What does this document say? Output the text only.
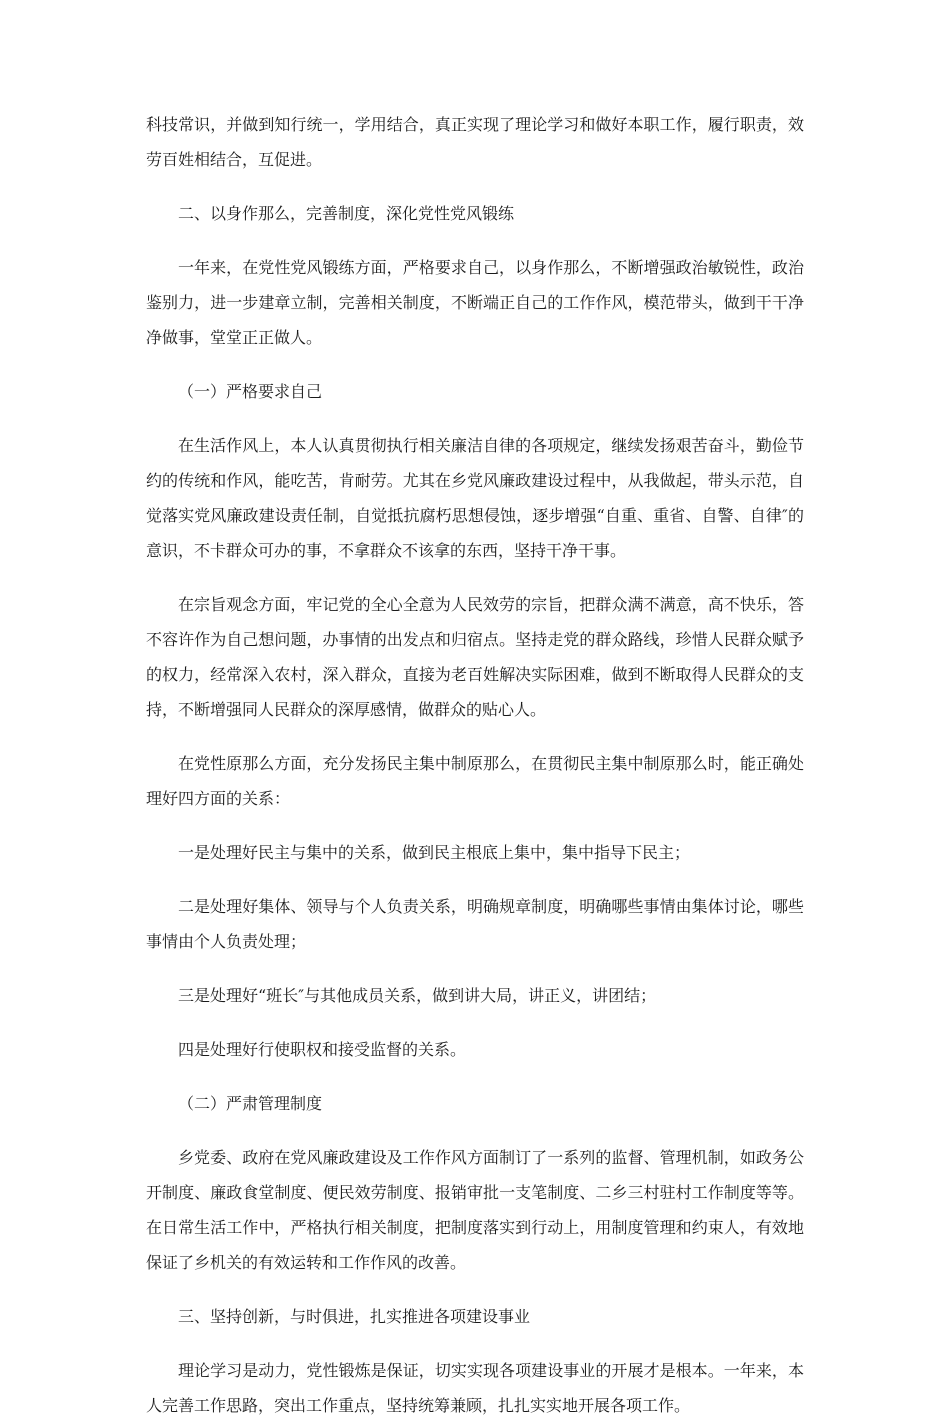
科技常识，并做到知行统一，学用结合，真正实现了理论学习和做好本职工作，履行职责，效劳百姓相结合，互促进。

二、以身作那么，完善制度，深化党性党风锻练

一年来，在党性党风锻练方面，严格要求自己，以身作那么，不断增强政治敏锐性，政治鉴别力，进一步建章立制，完善相关制度，不断端正自己的工作作风，模范带头，做到干干净净做事，堂堂正正做人。

（一）严格要求自己

在生活作风上，本人认真贯彻执行相关廉洁自律的各项规定，继续发扬艰苦奋斗，勤俭节约的传统和作风，能吃苦，肯耐劳。尤其在乡党风廉政建设过程中，从我做起，带头示范，自觉落实党风廉政建设责任制，自觉抵抗腐朽思想侵蚀，逐步增强“自重、重省、自警、自律″的意识，不卡群众可办的事，不拿群众不该拿的东西，坚持干净干事。

在宗旨观念方面，牢记党的全心全意为人民效劳的宗旨，把群众满不满意，高不快乐，答不容许作为自己想问题，办事情的出发点和归宿点。坚持走党的群众路线，珍惜人民群众赋予的权力，经常深入农村，深入群众，直接为老百姓解决实际困难，做到不断取得人民群众的支持，不断增强同人民群众的深厚感情，做群众的贴心人。

在党性原那么方面，充分发扬民主集中制原那么，在贯彻民主集中制原那么时，能正确处理好四方面的关系：

一是处理好民主与集中的关系，做到民主根底上集中，集中指导下民主；

二是处理好集体、领导与个人负责关系，明确规章制度，明确哪些事情由集体讨论，哪些事情由个人负责处理；

三是处理好“班长″与其他成员关系，做到讲大局，讲正义，讲团结；

四是处理好行使职权和接受监督的关系。

（二）严肃管理制度

乡党委、政府在党风廉政建设及工作作风方面制订了一系列的监督、管理机制，如政务公开制度、廉政食堂制度、便民效劳制度、报销审批一支笔制度、二乡三村驻村工作制度等等。在日常生活工作中，严格执行相关制度，把制度落实到行动上，用制度管理和约束人，有效地保证了乡机关的有效运转和工作作风的改善。

三、坚持创新，与时俱进，扎实推进各项建设事业

理论学习是动力，党性锻炼是保证，切实实现各项建设事业的开展才是根本。一年来，本人完善工作思路，突出工作重点，坚持统筹兼顾，扎扎实实地开展各项工作。
